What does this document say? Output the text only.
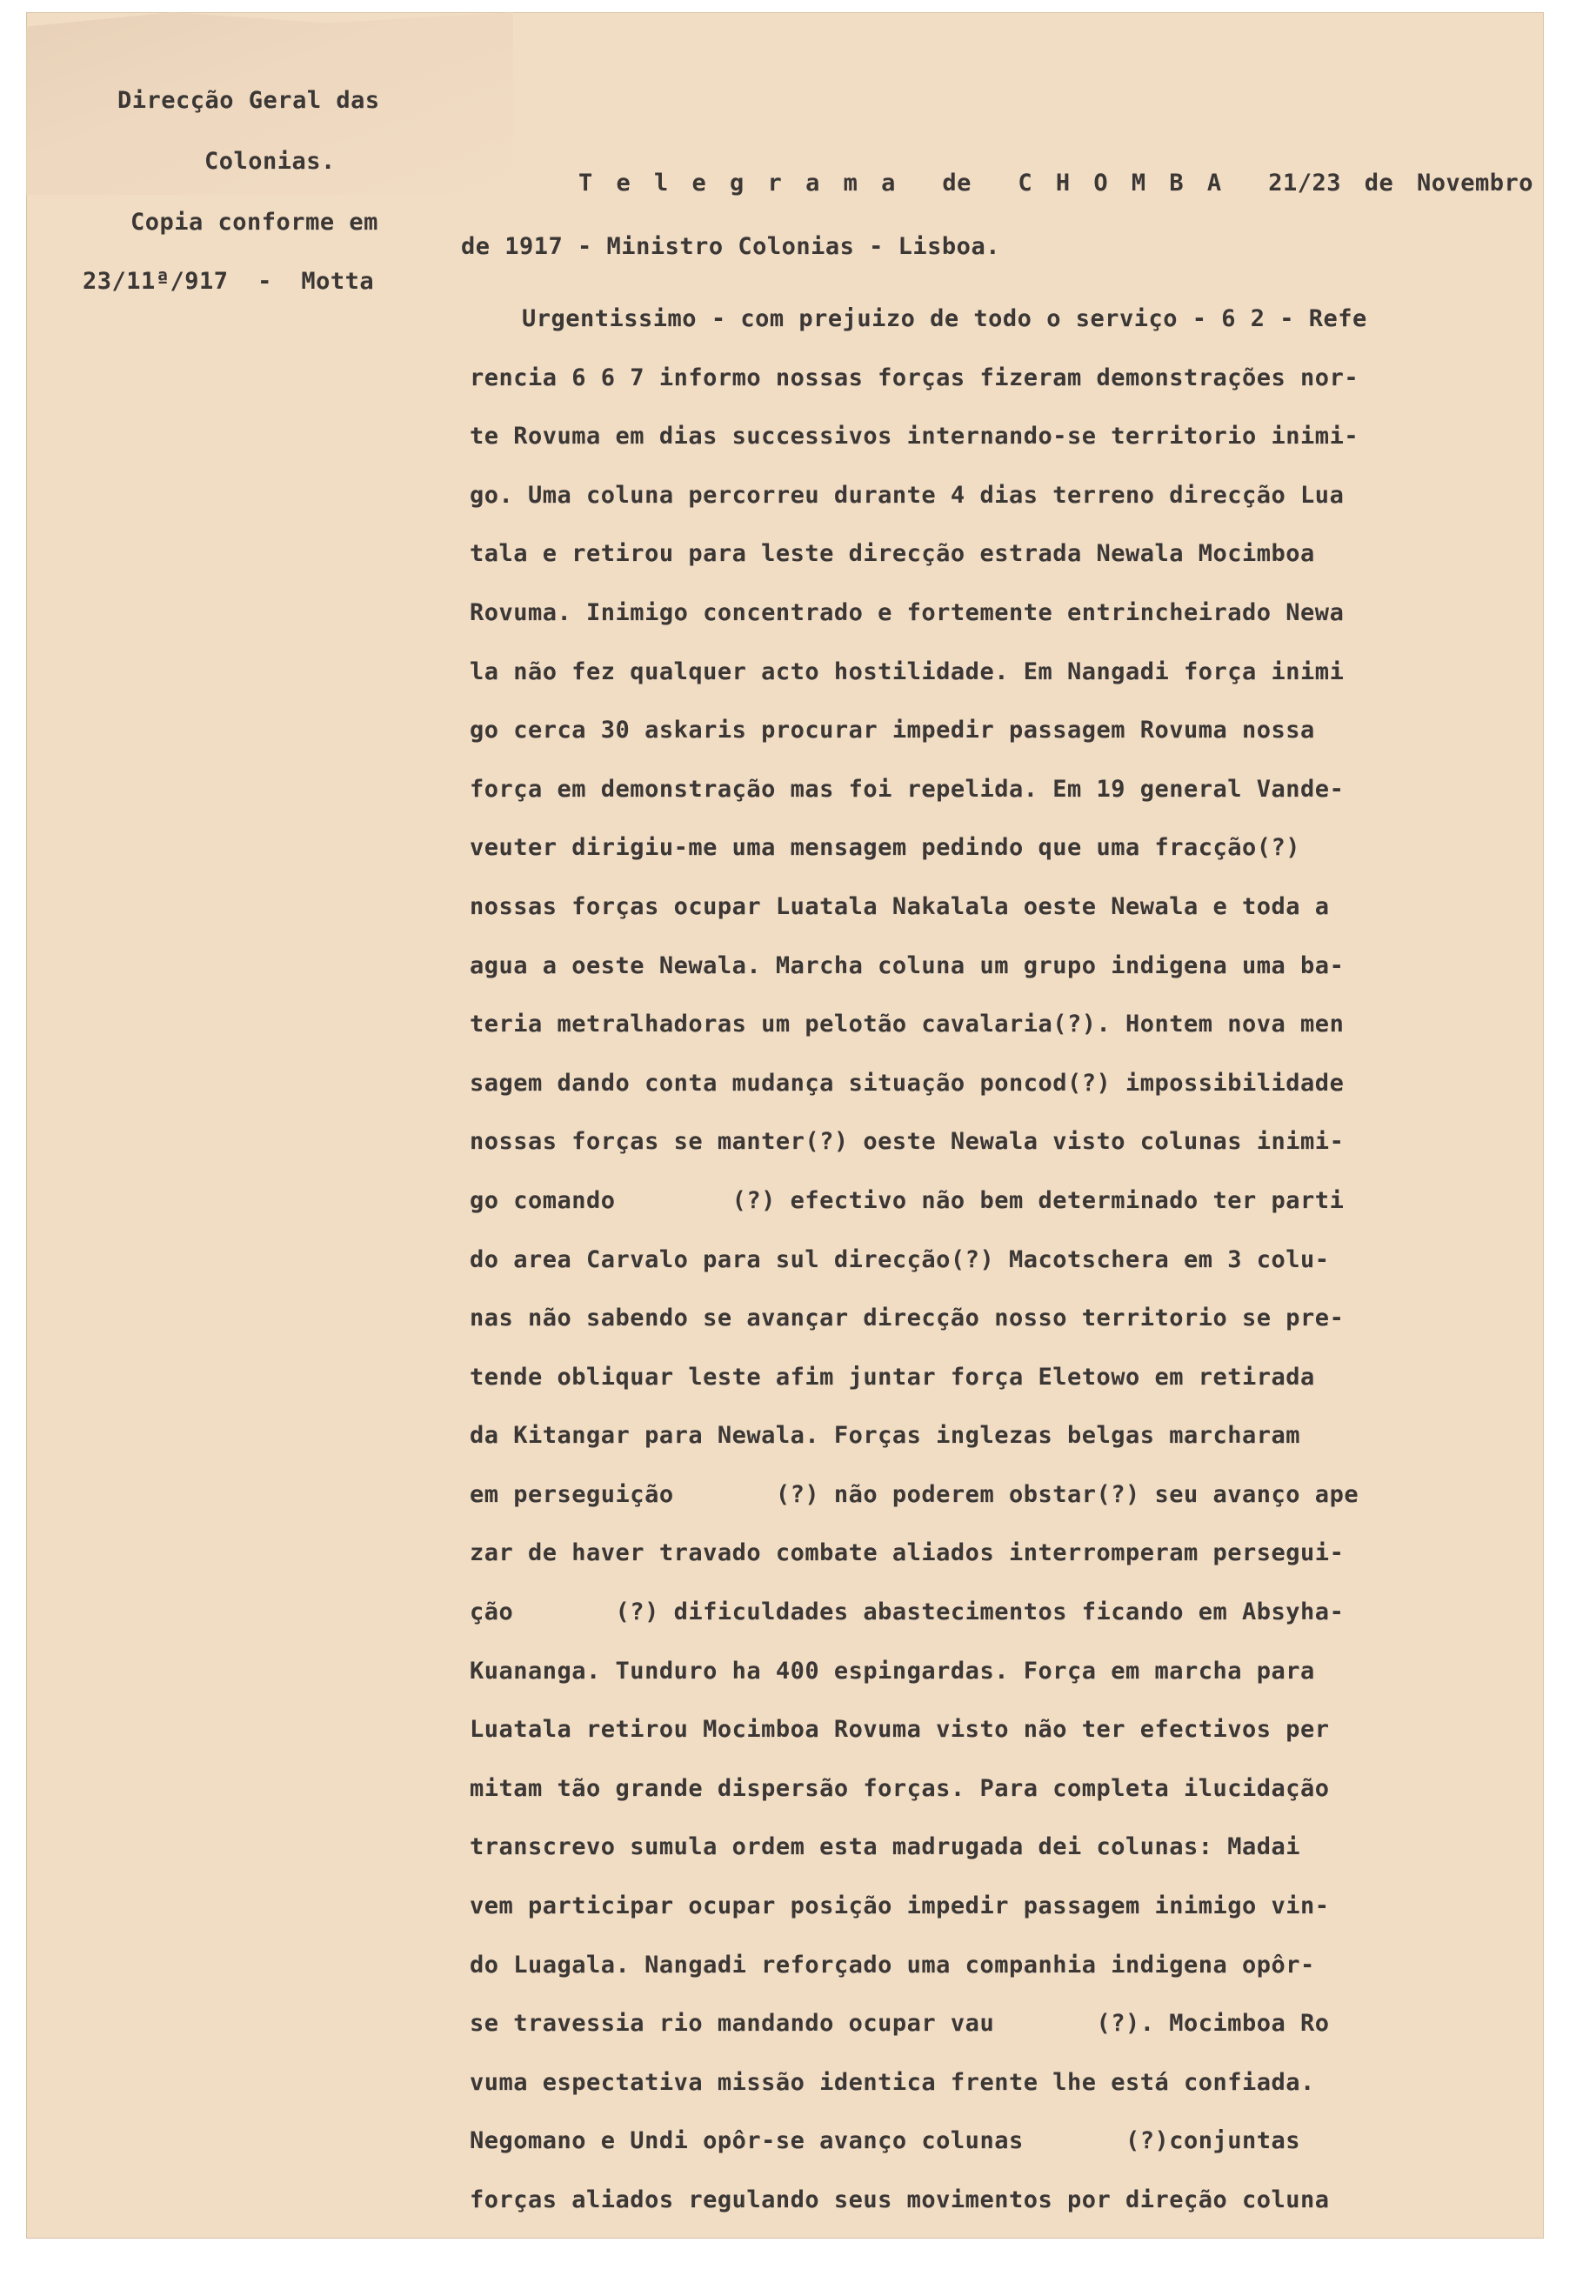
Direcção Geral das
Colonias.
Copia conforme em
23/11ª/917  -  Motta
T e l e g r a m a  de  C H O M B A  21/23 de Novembro
de 1917 - Ministro Colonias - Lisboa.
Urgentissimo - com prejuizo de todo o serviço - 6 2 - Refe
rencia 6 6 7 informo nossas forças fizeram demonstrações nor-
te Rovuma em dias successivos internando-se territorio inimi-
go. Uma coluna percorreu durante 4 dias terreno direcção Lua
tala e retirou para leste direcção estrada Newala Mocimboa
Rovuma. Inimigo concentrado e fortemente entrincheirado Newa
la não fez qualquer acto hostilidade. Em Nangadi força inimi
go cerca 30 askaris procurar impedir passagem Rovuma nossa
força em demonstração mas foi repelida. Em 19 general Vande-
veuter dirigiu-me uma mensagem pedindo que uma fracção(?)
nossas forças ocupar Luatala Nakalala oeste Newala e toda a
agua a oeste Newala. Marcha coluna um grupo indigena uma ba-
teria metralhadoras um pelotão cavalaria(?). Hontem nova men
sagem dando conta mudança situação poncod(?) impossibilidade
nossas forças se manter(?) oeste Newala visto colunas inimi-
go comando        (?) efectivo não bem determinado ter parti
do area Carvalo para sul direcção(?) Macotschera em 3 colu-
nas não sabendo se avançar direcção nosso territorio se pre-
tende obliquar leste afim juntar força Eletowo em retirada
da Kitangar para Newala. Forças inglezas belgas marcharam
em perseguição       (?) não poderem obstar(?) seu avanço ape
zar de haver travado combate aliados interromperam persegui-
ção       (?) dificuldades abastecimentos ficando em Absyha-
Kuananga. Tunduro ha 400 espingardas. Força em marcha para
Luatala retirou Mocimboa Rovuma visto não ter efectivos per
mitam tão grande dispersão forças. Para completa ilucidação
transcrevo sumula ordem esta madrugada dei colunas: Madai
vem participar ocupar posição impedir passagem inimigo vin-
do Luagala. Nangadi reforçado uma companhia indigena opôr-
se travessia rio mandando ocupar vau       (?). Mocimboa Ro
vuma espectativa missão identica frente lhe está confiada.
Negomano e Undi opôr-se avanço colunas       (?)conjuntas
forças aliados regulando seus movimentos por direção coluna
